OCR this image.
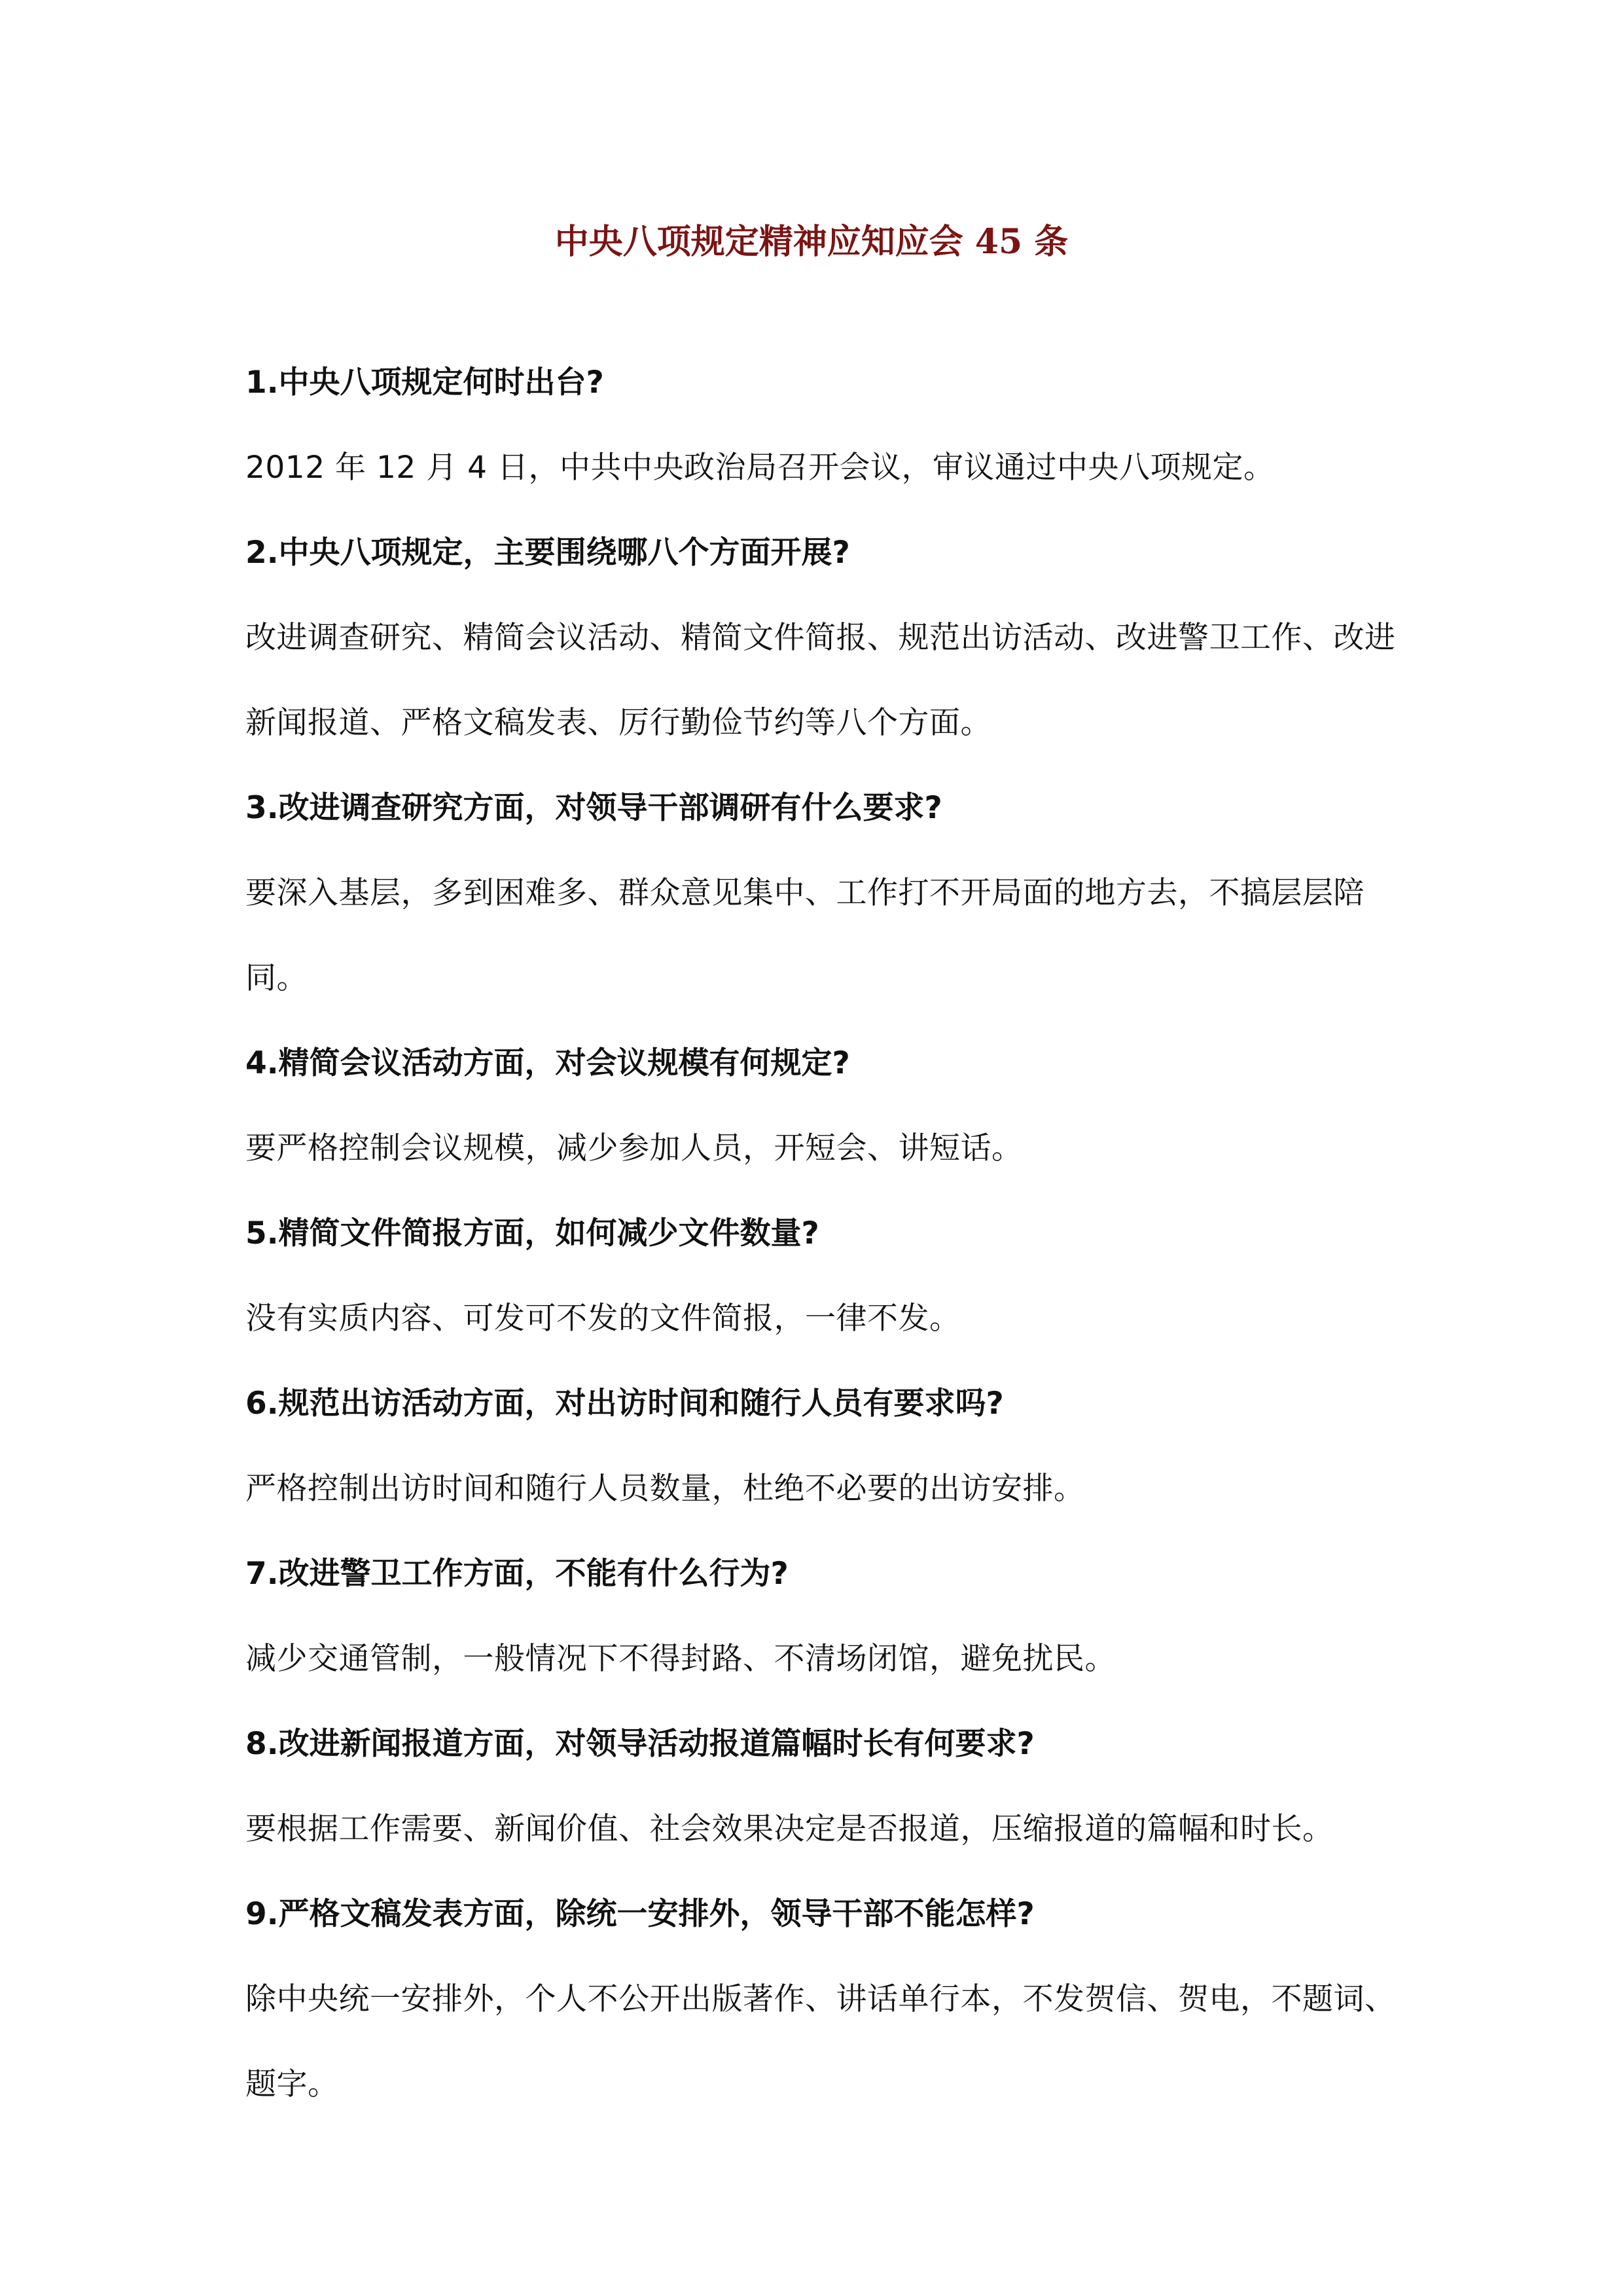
中央八项规定精神应知应会 45 条

1.中央八项规定何时出台?

2012 年 12 月 4 日，中共中央政治局召开会议，审议通过中央八项规定。

2.中央八项规定，主要围绕哪八个方面开展?

改进调查研究、精简会议活动、精简文件简报、规范出访活动、改进警卫工作、改进新闻报道、严格文稿发表、厉行勤俭节约等八个方面。

3.改进调查研究方面，对领导干部调研有什么要求?

要深入基层，多到困难多、群众意见集中、工作打不开局面的地方去，不搞层层陪同。

4.精简会议活动方面，对会议规模有何规定?

要严格控制会议规模，减少参加人员，开短会、讲短话。

5.精简文件简报方面，如何减少文件数量?

没有实质内容、可发可不发的文件简报，一律不发。

6.规范出访活动方面，对出访时间和随行人员有要求吗?

严格控制出访时间和随行人员数量，杜绝不必要的出访安排。

7.改进警卫工作方面，不能有什么行为?

减少交通管制，一般情况下不得封路、不清场闭馆，避免扰民。

8.改进新闻报道方面，对领导活动报道篇幅时长有何要求?

要根据工作需要、新闻价值、社会效果决定是否报道，压缩报道的篇幅和时长。

9.严格文稿发表方面，除统一安排外，领导干部不能怎样?

除中央统一安排外，个人不公开出版著作、讲话单行本，不发贺信、贺电，不题词、题字。
